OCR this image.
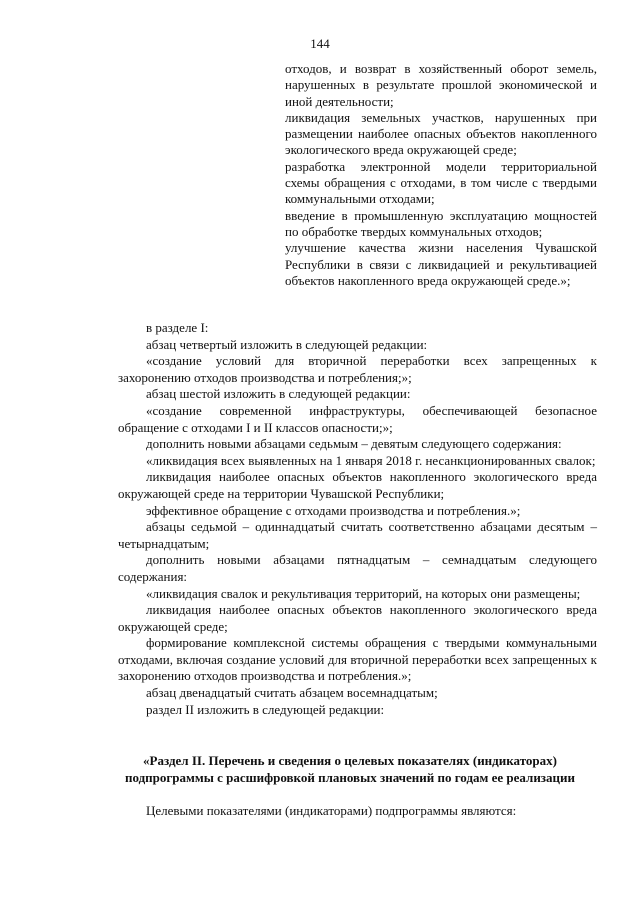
144

отходов, и возврат в хозяйственный оборот земель, нарушенных в результате прошлой экономической и иной деятельности;

ликвидация земельных участков, нарушенных при размещении наиболее опасных объектов накопленного экологического вреда окружающей среде;

разработка электронной модели территориальной схемы обращения с отходами, в том числе с твердыми коммунальными отходами;

введение в промышленную эксплуатацию мощностей по обработке твердых коммунальных отходов;

улучшение качества жизни населения Чувашской Республики в связи с ликвидацией и рекультивацией объектов накопленного вреда окружающей среде.»;

в разделе I:

абзац четвертый изложить в следующей редакции:

«создание условий для вторичной переработки всех запрещенных к захоронению отходов производства и потребления;»;

абзац шестой изложить в следующей редакции:

«создание современной инфраструктуры, обеспечивающей безопасное обращение с отходами I и II классов опасности;»;

дополнить новыми абзацами седьмым – девятым следующего содержания:

«ликвидация всех выявленных на 1 января 2018 г. несанкционированных свалок;

ликвидация наиболее опасных объектов накопленного экологического вреда окружающей среде на территории Чувашской Республики;

эффективное обращение с отходами производства и потребления.»;

абзацы седьмой – одиннадцатый считать соответственно абзацами десятым – четырнадцатым;

дополнить новыми абзацами пятнадцатым – семнадцатым следующего содержания:

«ликвидация свалок и рекультивация территорий, на которых они размещены;

ликвидация наиболее опасных объектов накопленного экологического вреда окружающей среде;

формирование комплексной системы обращения с твердыми коммунальными отходами, включая создание условий для вторичной переработки всех запрещенных к захоронению отходов производства и потребления.»;

абзац двенадцатый считать абзацем восемнадцатым;

раздел II изложить в следующей редакции:

«Раздел II. Перечень и сведения о целевых показателях (индикаторах)

подпрограммы с расшифровкой плановых значений по годам ее реализации

Целевыми показателями (индикаторами) подпрограммы являются:
